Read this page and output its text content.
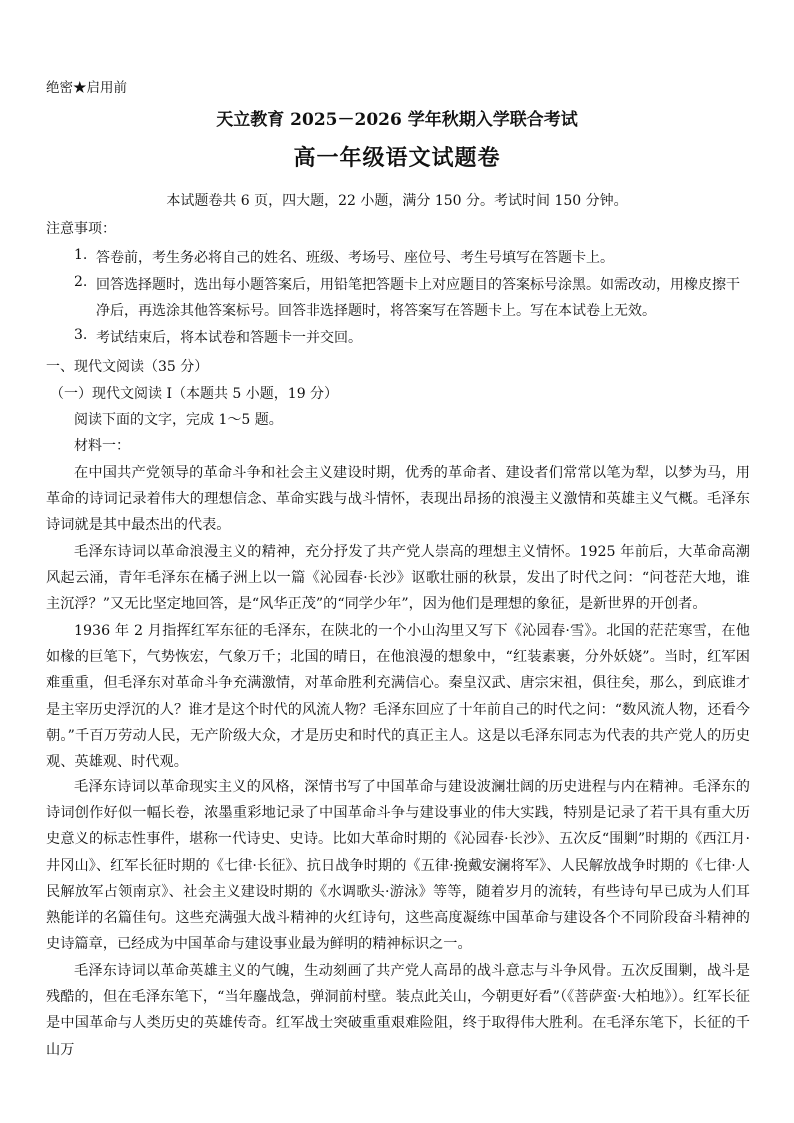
绝密★启用前
天立教育 2025－2026 学年秋期入学联合考试
高一年级语文试题卷
本试题卷共 6 页，四大题，22 小题，满分 150 分。考试时间 150 分钟。
注意事项：
1. 答卷前，考生务必将自己的姓名、班级、考场号、座位号、考生号填写在答题卡上。
2. 回答选择题时，选出每小题答案后，用铅笔把答题卡上对应题目的答案标号涂黑。如需改动，用橡皮擦干
净后，再选涂其他答案标号。回答非选择题时，将答案写在答题卡上。写在本试卷上无效。
3. 考试结束后，将本试卷和答题卡一并交回。
一、现代文阅读（35 分）
（一）现代文阅读 I（本题共 5 小题，19 分）
阅读下面的文字，完成 1～5 题。
材料一：
在中国共产党领导的革命斗争和社会主义建设时期，优秀的革命者、建设者们常常以笔为犁，以梦为马，用革命的诗词记录着伟大的理想信念、革命实践与战斗情怀，表现出昂扬的浪漫主义激情和英雄主义气概。毛泽东诗词就是其中最杰出的代表。
毛泽东诗词以革命浪漫主义的精神，充分抒发了共产党人崇高的理想主义情怀。1925 年前后，大革命高潮风起云涌，青年毛泽东在橘子洲上以一篇《沁园春·长沙》讴歌壮丽的秋景，发出了时代之问：“问苍茫大地，谁主沉浮？”又无比坚定地回答，是“风华正茂”的“同学少年”，因为他们是理想的象征，是新世界的开创者。
1936 年 2 月指挥红军东征的毛泽东，在陕北的一个小山沟里又写下《沁园春·雪》。北国的茫茫寒雪，在他如椽的巨笔下，气势恢宏，气象万千；北国的晴日，在他浪漫的想象中，“红装素裹，分外妖娆”。当时，红军困难重重，但毛泽东对革命斗争充满激情，对革命胜利充满信心。秦皇汉武、唐宗宋祖，俱往矣，那么，到底谁才是主宰历史浮沉的人？谁才是这个时代的风流人物？毛泽东回应了十年前自己的时代之问：“数风流人物，还看今朝。”千百万劳动人民，无产阶级大众，才是历史和时代的真正主人。这是以毛泽东同志为代表的共产党人的历史观、英雄观、时代观。
毛泽东诗词以革命现实主义的风格，深情书写了中国革命与建设波澜壮阔的历史进程与内在精神。毛泽东的诗词创作好似一幅长卷，浓墨重彩地记录了中国革命斗争与建设事业的伟大实践，特别是记录了若干具有重大历史意义的标志性事件，堪称一代诗史、史诗。比如大革命时期的《沁园春·长沙》、五次反“围剿”时期的《西江月·井冈山》、红军长征时期的《七律·长征》、抗日战争时期的《五律·挽戴安澜将军》、人民解放战争时期的《七律·人民解放军占领南京》、社会主义建设时期的《水调歌头·游泳》等等，随着岁月的流转，有些诗句早已成为人们耳熟能详的名篇佳句。这些充满强大战斗精神的火红诗句，这些高度凝练中国革命与建设各个不同阶段奋斗精神的史诗篇章，已经成为中国革命与建设事业最为鲜明的精神标识之一。
毛泽东诗词以革命英雄主义的气魄，生动刻画了共产党人高昂的战斗意志与斗争风骨。五次反围剿，战斗是残酷的，但在毛泽东笔下，“当年鏖战急，弹洞前村壁。装点此关山，今朝更好看”（《菩萨蛮·大柏地》）。红军长征是中国革命与人类历史的英雄传奇。红军战士突破重重艰难险阻，终于取得伟大胜利。在毛泽东笔下，长征的千山万
